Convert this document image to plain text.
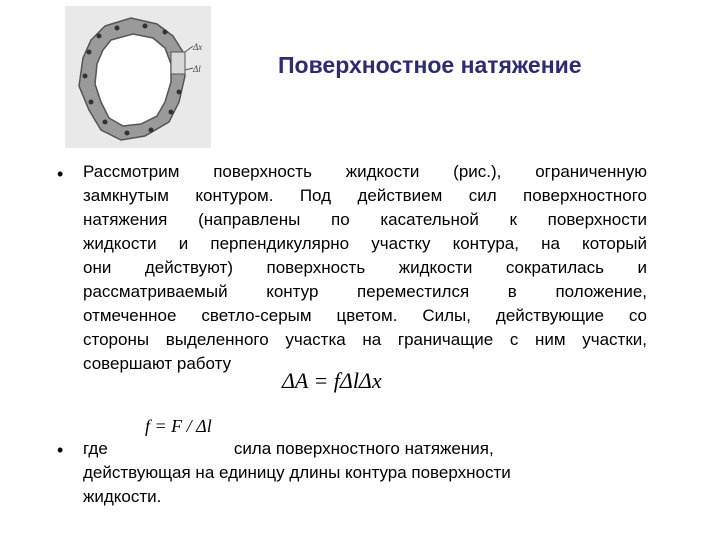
Δx
Δl	Поверхностное натяжение
• Рассмотрим поверхность жидкости (рис.), ограниченную
замкнутым контуром. Под действием сил поверхностного
натяжения (направлены по касательной к поверхности
жидкости и перпендикулярно участку контура, на который
они действуют) поверхность жидкости сократилась и
рассматриваемый контур переместился в положение,
отмеченное светло-серым цветом. Силы, действующие со
стороны выделенного участка на граничащие с ним участки,
совершают работу
ΔA = fΔlΔx
f = F / Δl
• где	сила поверхностного натяжения,
действующая на единицу длины контура поверхности
жидкости.
